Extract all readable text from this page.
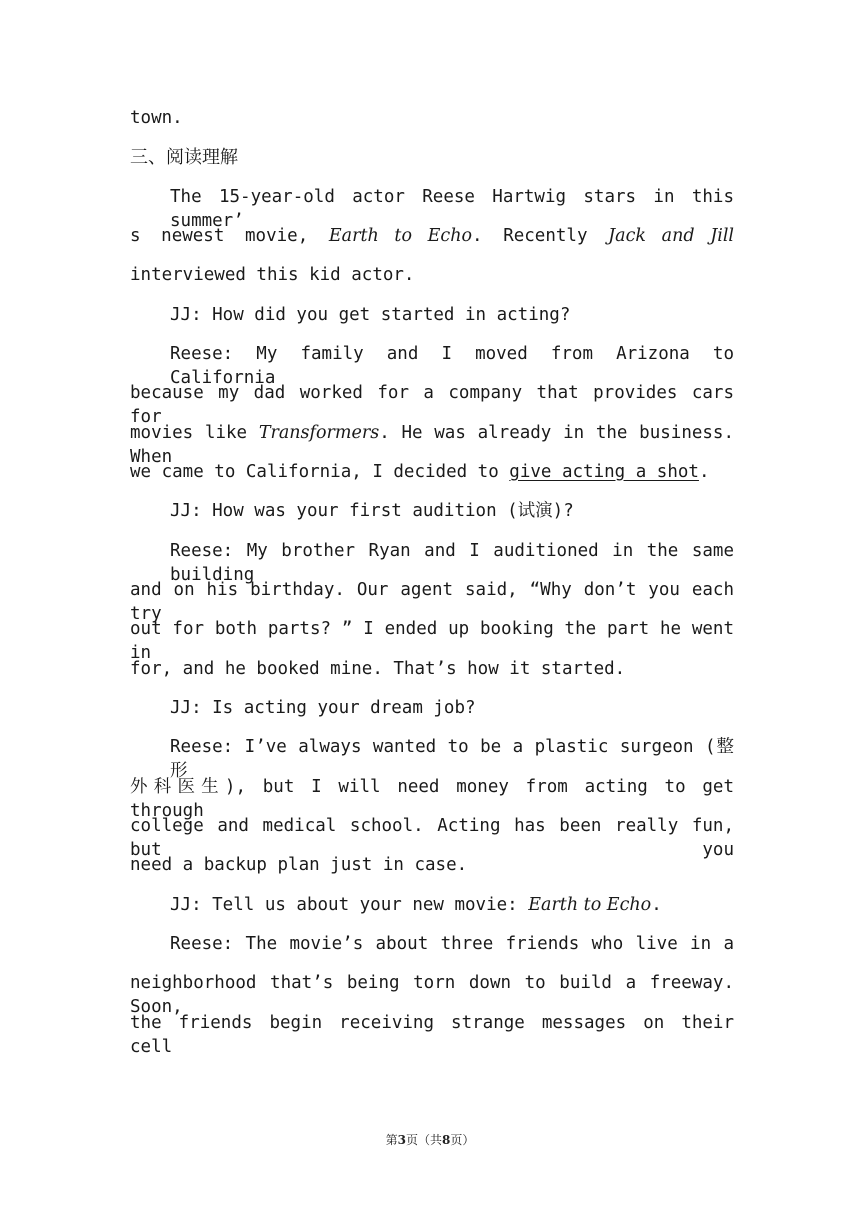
town.
三、阅读理解
The 15-year-old actor Reese Hartwig stars in this summer’
s newest movie, Earth to Echo. Recently Jack and Jill
interviewed this kid actor.
JJ: How did you get started in acting?
Reese: My family and I moved from Arizona to California
because my dad worked for a company that provides cars for
movies like Transformers. He was already in the business. When
we came to California, I decided to give acting a shot.
JJ: How was your first audition (试演)?
Reese: My brother Ryan and I auditioned in the same building
and on his birthday. Our agent said, “Why don’t you each try
out for both parts? ” I ended up booking the part he went in
for, and he booked mine. That’s how it started.
JJ: Is acting your dream job?
Reese: I’ve always wanted to be a plastic surgeon (整形
外科医生), but I will need money from acting to get through
college and medical school. Acting has been really fun, but you
need a backup plan just in case.
JJ: Tell us about your new movie: Earth to Echo.
Reese: The movie’s about three friends who live in a
neighborhood that’s being torn down to build a freeway. Soon,
the friends begin receiving strange messages on their cell
第3页（共8页）
